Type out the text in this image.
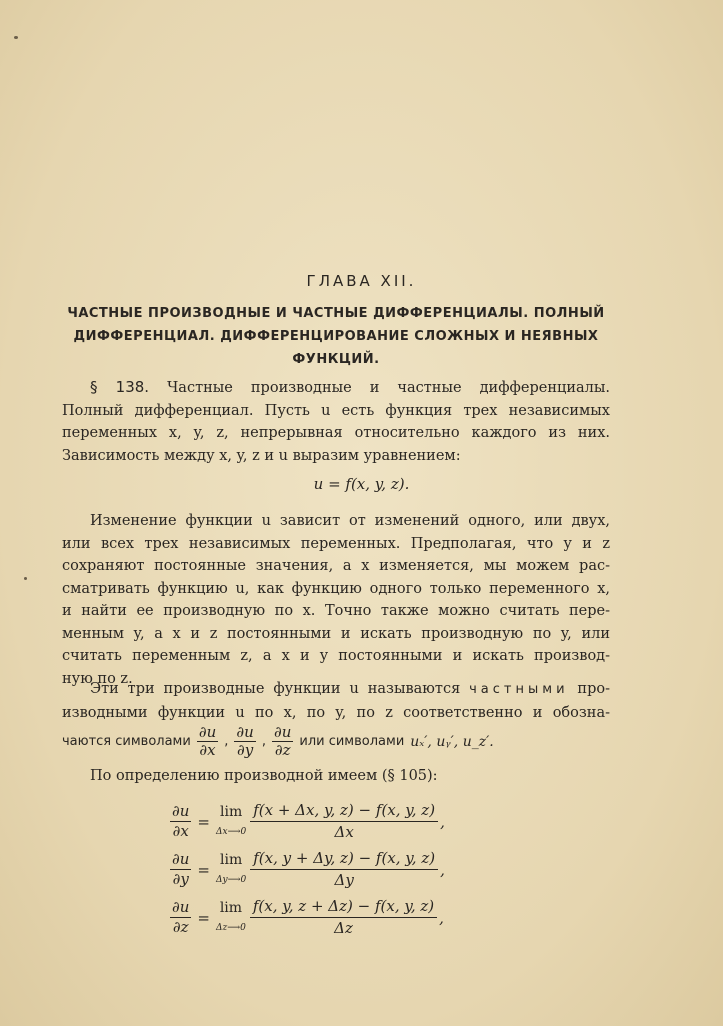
ГЛАВА XII.
ЧАСТНЫЕ ПРОИЗВОДНЫЕ И ЧАСТНЫЕ ДИФФЕРЕНЦИАЛЫ. ПОЛНЫЙ
ДИФФЕРЕНЦИАЛ. ДИФФЕРЕНЦИРОВАНИЕ СЛОЖНЫХ И НЕЯВНЫХ
ФУНКЦИЙ.
§ 138. Частные производные и частные дифференциалы.
Полный дифференциал. Пусть u есть функция трех независимых
переменных x, y, z, непрерывная относительно каждого из них.
Зависимость между x, y, z и u выразим уравнением:
u = f(x, y, z).
Изменение функции u зависит от изменений одного, или двух,
или всех трех независимых переменных. Предполагая, что y и z
сохраняют постоянные значения, а x изменяется, мы можем рас-
сматривать функцию u, как функцию одного только переменного x,
и найти ее производную по x. Точно также можно считать пере-
менным y, а x и z постоянными и искать производную по y, или
считать переменным z, а x и y постоянными и искать производ-
ную по z.
Эти три производные функции u называются частными про-
изводными функции u по x, по y, по z соответственно и обозна-
чаются символами $\frac{\partial u}{\partial x}$ , $\frac{\partial u}{\partial y}$ , $\frac{\partial u}{\partial z}$ или символами uₓ′, uᵧ′, u_z′.
По определению производной имеем (§ 105):
$\frac{\partial u}{\partial x}$ =
lim
Δx⟶0
f(x + Δx, y, z) − f(x, y, z)
Δx
,
$\frac{\partial u}{\partial y}$ =
lim
Δy⟶0
f(x, y + Δy, z) − f(x, y, z)
Δy
,
$\frac{\partial u}{\partial z}$ =
lim
Δz⟶0
f(x, y, z + Δz) − f(x, y, z)
Δz
,
